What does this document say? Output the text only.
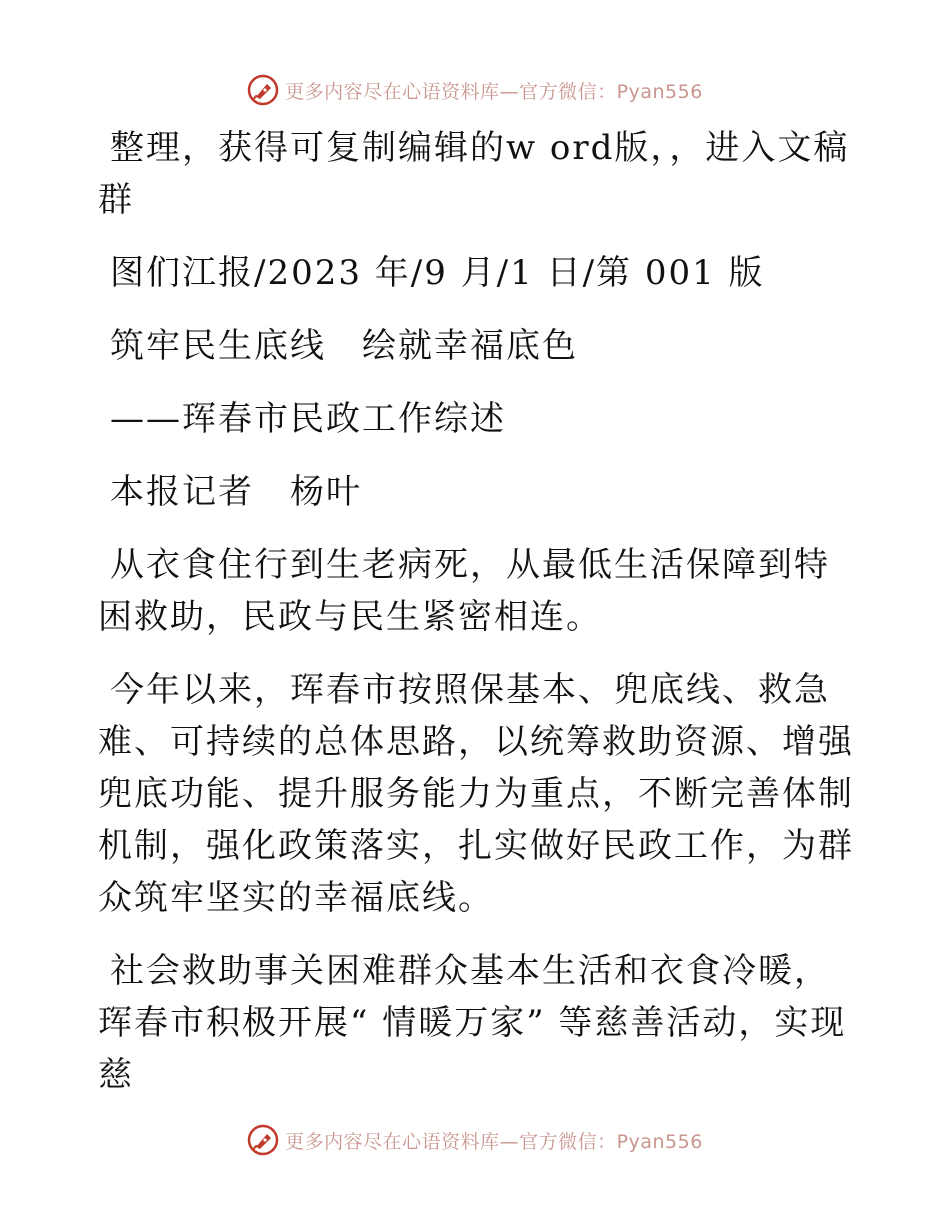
更多内容尽在心语资料库—官方微信：Pyan556

整理，获得可复制编辑的w ord版，，进入文稿群

图们江报/2023 年/9 月/1 日/第 001 版

筑牢民生底线　绘就幸福底色

——珲春市民政工作综述

本报记者　杨叶

从衣食住行到生老病死，从最低生活保障到特困救助，民政与民生紧密相连。

今年以来，珲春市按照保基本、兜底线、救急难、可持续的总体思路，以统筹救助资源、增强兜底功能、提升服务能力为重点，不断完善体制机制，强化政策落实，扎实做好民政工作，为群众筑牢坚实的幸福底线。

社会救助事关困难群众基本生活和衣食冷暖，珲春市积极开展“ 情暖万家” 等慈善活动，实现慈

更多内容尽在心语资料库—官方微信：Pyan556
